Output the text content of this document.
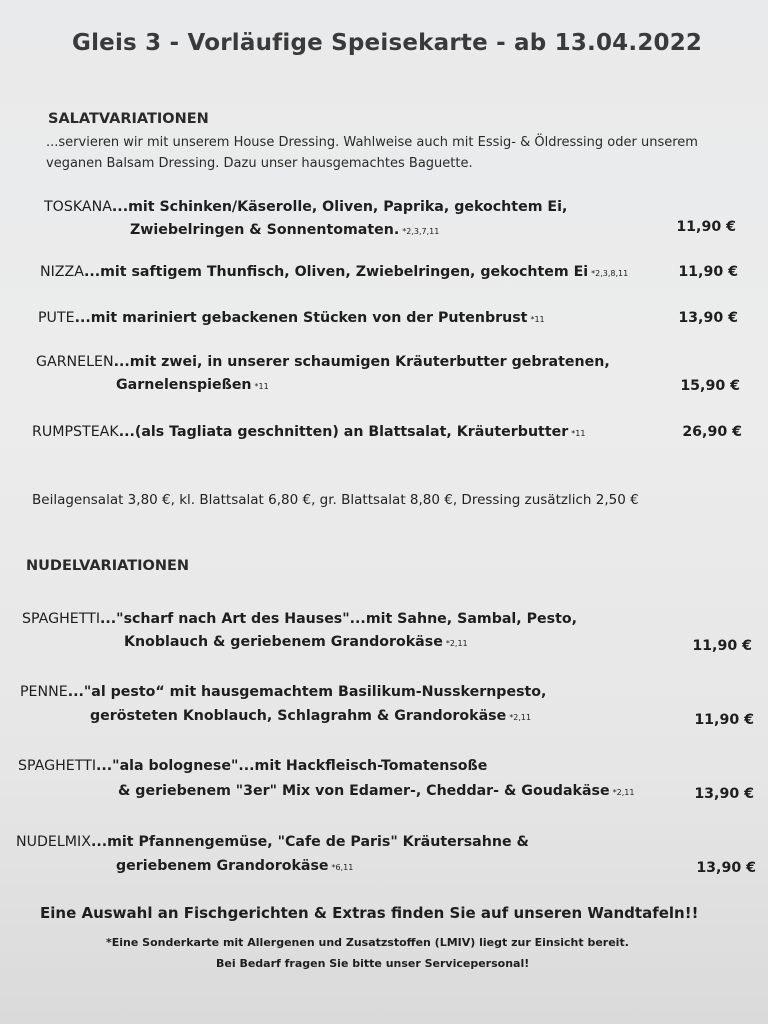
Gleis 3 - Vorläufige Speisekarte - ab 13.04.2022
SALATVARIATIONEN
...servieren wir mit unserem House Dressing. Wahlweise auch mit Essig- & Öldressing oder unserem veganen Balsam Dressing. Dazu unser hausgemachtes Baguette.
TOSKANA...mit Schinken/Käserolle, Oliven, Paprika, gekochtem Ei,
Zwiebelringen & Sonnentomaten. *2,3,7,11	11,90 €
NIZZA...mit saftigem Thunfisch, Oliven, Zwiebelringen, gekochtem Ei *2,3,8,11	11,90 €
PUTE...mit mariniert gebackenen Stücken von der Putenbrust *11	13,90 €
GARNELEN...mit zwei, in unserer schaumigen Kräuterbutter gebratenen,
Garnelenspießen *11	15,90 €
RUMPSTEAK...(als Tagliata geschnitten) an Blattsalat, Kräuterbutter *11	26,90 €
Beilagensalat 3,80 €, kl. Blattsalat 6,80 €, gr. Blattsalat 8,80 €, Dressing zusätzlich 2,50 €
NUDELVARIATIONEN
SPAGHETTI..."scharf nach Art des Hauses"...mit Sahne, Sambal, Pesto,
Knoblauch & geriebenem Grandorokäse *2,11	11,90 €
PENNE..."al pesto“ mit hausgemachtem Basilikum-Nusskernpesto,
gerösteten Knoblauch, Schlagrahm & Grandorokäse *2,11	11,90 €
SPAGHETTI..."ala bolognese"...mit Hackfleisch-Tomatensoße
& geriebenem "3er" Mix von Edamer-, Cheddar- & Goudakäse *2,11	13,90 €
NUDELMIX...mit Pfannengemüse, "Cafe de Paris" Kräutersahne &
geriebenem Grandorokäse *6,11	13,90 €
Eine Auswahl an Fischgerichten & Extras finden Sie auf unseren Wandtafeln!!
*Eine Sonderkarte mit Allergenen und Zusatzstoffen (LMIV) liegt zur Einsicht bereit.
Bei Bedarf fragen Sie bitte unser Servicepersonal!
